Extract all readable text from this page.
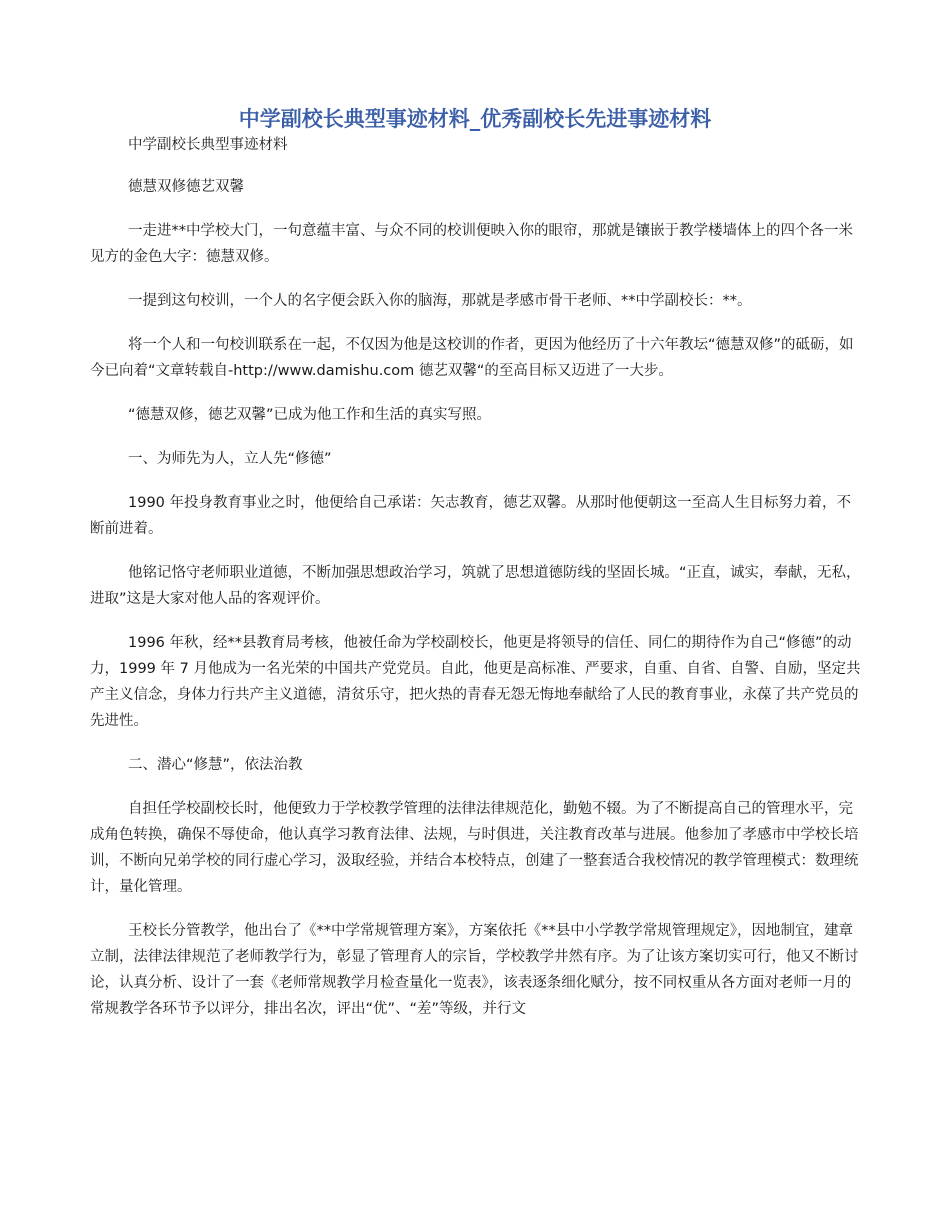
中学副校长典型事迹材料_优秀副校长先进事迹材料

中学副校长典型事迹材料

德慧双修德艺双馨

一走进**中学校大门，一句意蕴丰富、与众不同的校训便映入你的眼帘，那就是镶嵌于教学楼墙体上的四个各一米见方的金色大字：德慧双修。

一提到这句校训，一个人的名字便会跃入你的脑海，那就是孝感市骨干老师、**中学副校长：**。

将一个人和一句校训联系在一起，不仅因为他是这校训的作者，更因为他经历了十六年教坛“德慧双修”的砥砺，如今已向着“文章转载自-http://www.damishu.com 德艺双馨“的至高目标又迈进了一大步。

“德慧双修，德艺双馨”已成为他工作和生活的真实写照。

一、为师先为人，立人先“修德”

1990 年投身教育事业之时，他便给自己承诺：矢志教育，德艺双馨。从那时他便朝这一至高人生目标努力着，不断前进着。

他铭记恪守老师职业道德，不断加强思想政治学习，筑就了思想道德防线的坚固长城。“正直，诚实，奉献，无私，进取”这是大家对他人品的客观评价。

1996 年秋，经**县教育局考核，他被任命为学校副校长，他更是将领导的信任、同仁的期待作为自己“修德”的动力，1999 年 7 月他成为一名光荣的中国共产党党员。自此，他更是高标准、严要求，自重、自省、自警、自励，坚定共产主义信念，身体力行共产主义道德，清贫乐守，把火热的青春无怨无悔地奉献给了人民的教育事业，永葆了共产党员的先进性。

二、潜心“修慧”，依法治教

自担任学校副校长时，他便致力于学校教学管理的法律法律规范化，勤勉不辍。为了不断提高自己的管理水平，完成角色转换，确保不辱使命，他认真学习教育法律、法规，与时俱进，关注教育改革与进展。他参加了孝感市中学校长培训，不断向兄弟学校的同行虚心学习，汲取经验，并结合本校特点，创建了一整套适合我校情况的教学管理模式：数理统计，量化管理。

王校长分管教学，他出台了《**中学常规管理方案》，方案依托《**县中小学教学常规管理规定》，因地制宜，建章立制，法律法律规范了老师教学行为，彰显了管理育人的宗旨，学校教学井然有序。为了让该方案切实可行，他又不断讨论，认真分析、设计了一套《老师常规教学月检查量化一览表》，该表逐条细化赋分，按不同权重从各方面对老师一月的常规教学各环节予以评分，排出名次，评出“优”、“差”等级，并行文
